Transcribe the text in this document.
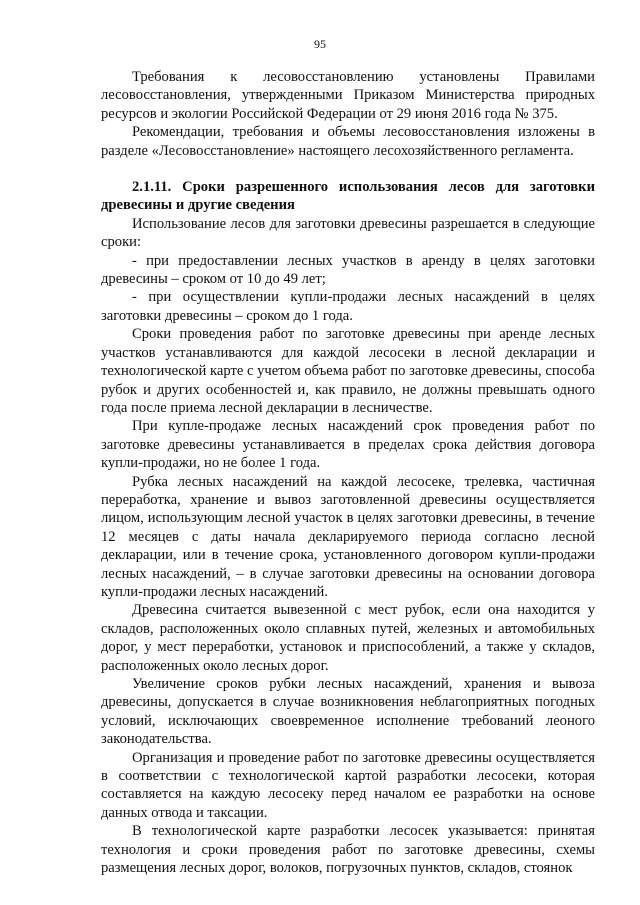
95

Требования к лесовосстановлению установлены Правилами лесовосстановления, утвержденными Приказом Министерства природных ресурсов и экологии Российской Федерации от 29 июня 2016 года № 375.

Рекомендации, требования и объемы лесовосстановления изложены в разделе «Лесовосстановление» настоящего лесохозяйственного регламента.

2.1.11. Сроки разрешенного использования лесов для заготовки древесины и другие сведения

Использование лесов для заготовки древесины разрешается в следующие сроки:

- при предоставлении лесных участков в аренду в целях заготовки древесины – сроком от 10 до 49 лет;

- при осуществлении купли-продажи лесных насаждений в целях заготовки древесины – сроком до 1 года.

Сроки проведения работ по заготовке древесины при аренде лесных участков устанавливаются для каждой лесосеки в лесной декларации и технологической карте с учетом объема работ по заготовке древесины, способа рубок и других особенностей и, как правило, не должны превышать одного года после приема лесной декларации в лесничестве.

При купле-продаже лесных насаждений срок проведения работ по заготовке древесины устанавливается в пределах срока действия договора купли-продажи, но не более 1 года.

Рубка лесных насаждений на каждой лесосеке, трелевка, частичная переработка, хранение и вывоз заготовленной древесины осуществляется лицом, использующим лесной участок в целях заготовки древесины, в течение 12 месяцев с даты начала декларируемого периода согласно лесной декларации, или в течение срока, установленного договором купли-продажи лесных насаждений, – в случае заготовки древесины на основании договора купли-продажи лесных насаждений.

Древесина считается вывезенной с мест рубок, если она находится у складов, расположенных около сплавных путей, железных и автомобильных дорог, у мест переработки, установок и приспособлений, а также у складов, расположенных около лесных дорог.

Увеличение сроков рубки лесных насаждений, хранения и вывоза древесины, допускается в случае возникновения неблагоприятных погодных условий, исключающих своевременное исполнение требований леоного законодательства.

Организация и проведение работ по заготовке древесины осуществляется в соответствии с технологической картой разработки лесосеки, которая составляется на каждую лесосеку перед началом ее разработки на основе данных отвода и таксации.

В технологической карте разработки лесосек указывается: принятая технология и сроки проведения работ по заготовке древесины, схемы размещения лесных дорог, волоков, погрузочных пунктов, складов, стоянок
